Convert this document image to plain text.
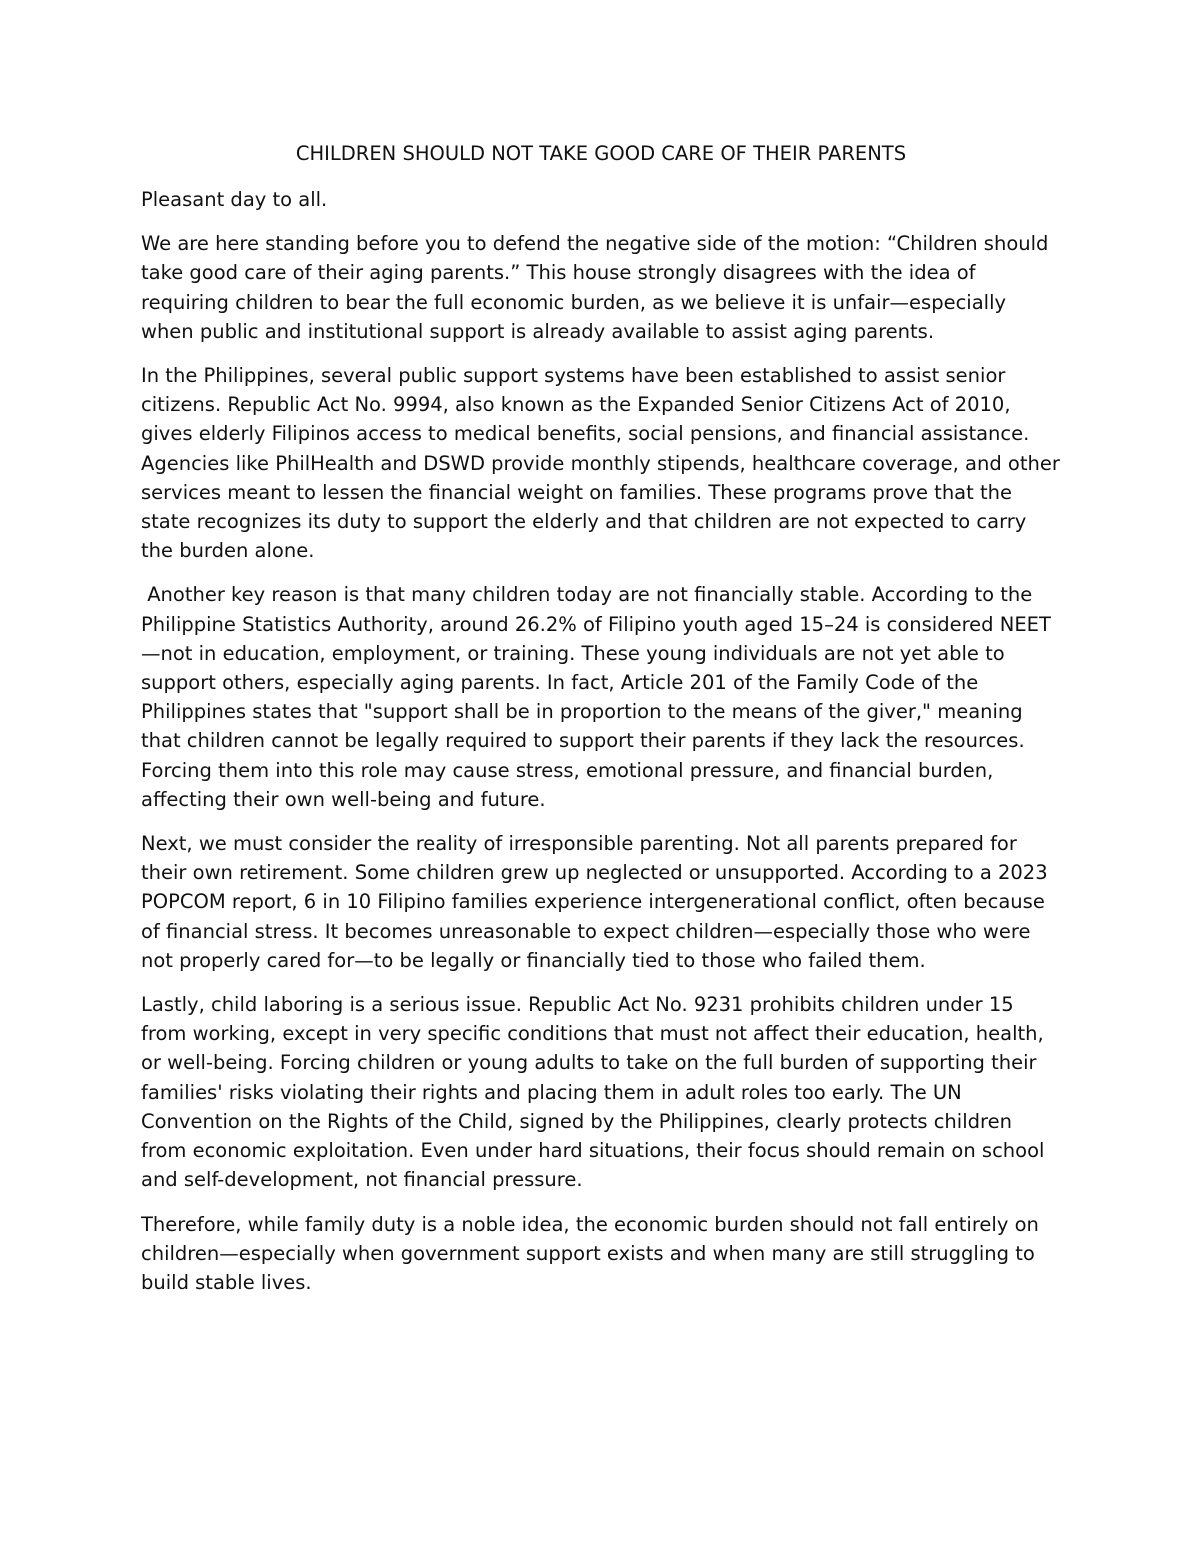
CHILDREN SHOULD NOT TAKE GOOD CARE OF THEIR PARENTS

Pleasant day to all.

We are here standing before you to defend the negative side of the motion: “Children should take good care of their aging parents.” This house strongly disagrees with the idea of requiring children to bear the full economic burden, as we believe it is unfair—especially when public and institutional support is already available to assist aging parents.

In the Philippines, several public support systems have been established to assist senior citizens. Republic Act No. 9994, also known as the Expanded Senior Citizens Act of 2010, gives elderly Filipinos access to medical benefits, social pensions, and financial assistance. Agencies like PhilHealth and DSWD provide monthly stipends, healthcare coverage, and other services meant to lessen the financial weight on families. These programs prove that the state recognizes its duty to support the elderly and that children are not expected to carry the burden alone.

Another key reason is that many children today are not financially stable. According to the Philippine Statistics Authority, around 26.2% of Filipino youth aged 15–24 is considered NEET—not in education, employment, or training. These young individuals are not yet able to support others, especially aging parents. In fact, Article 201 of the Family Code of the Philippines states that "support shall be in proportion to the means of the giver," meaning that children cannot be legally required to support their parents if they lack the resources. Forcing them into this role may cause stress, emotional pressure, and financial burden, affecting their own well-being and future.

Next, we must consider the reality of irresponsible parenting. Not all parents prepared for their own retirement. Some children grew up neglected or unsupported. According to a 2023 POPCOM report, 6 in 10 Filipino families experience intergenerational conflict, often because of financial stress. It becomes unreasonable to expect children—especially those who were not properly cared for—to be legally or financially tied to those who failed them.

Lastly, child laboring is a serious issue. Republic Act No. 9231 prohibits children under 15 from working, except in very specific conditions that must not affect their education, health, or well-being. Forcing children or young adults to take on the full burden of supporting their families' risks violating their rights and placing them in adult roles too early. The UN Convention on the Rights of the Child, signed by the Philippines, clearly protects children from economic exploitation. Even under hard situations, their focus should remain on school and self-development, not financial pressure.

Therefore, while family duty is a noble idea, the economic burden should not fall entirely on children—especially when government support exists and when many are still struggling to build stable lives.
